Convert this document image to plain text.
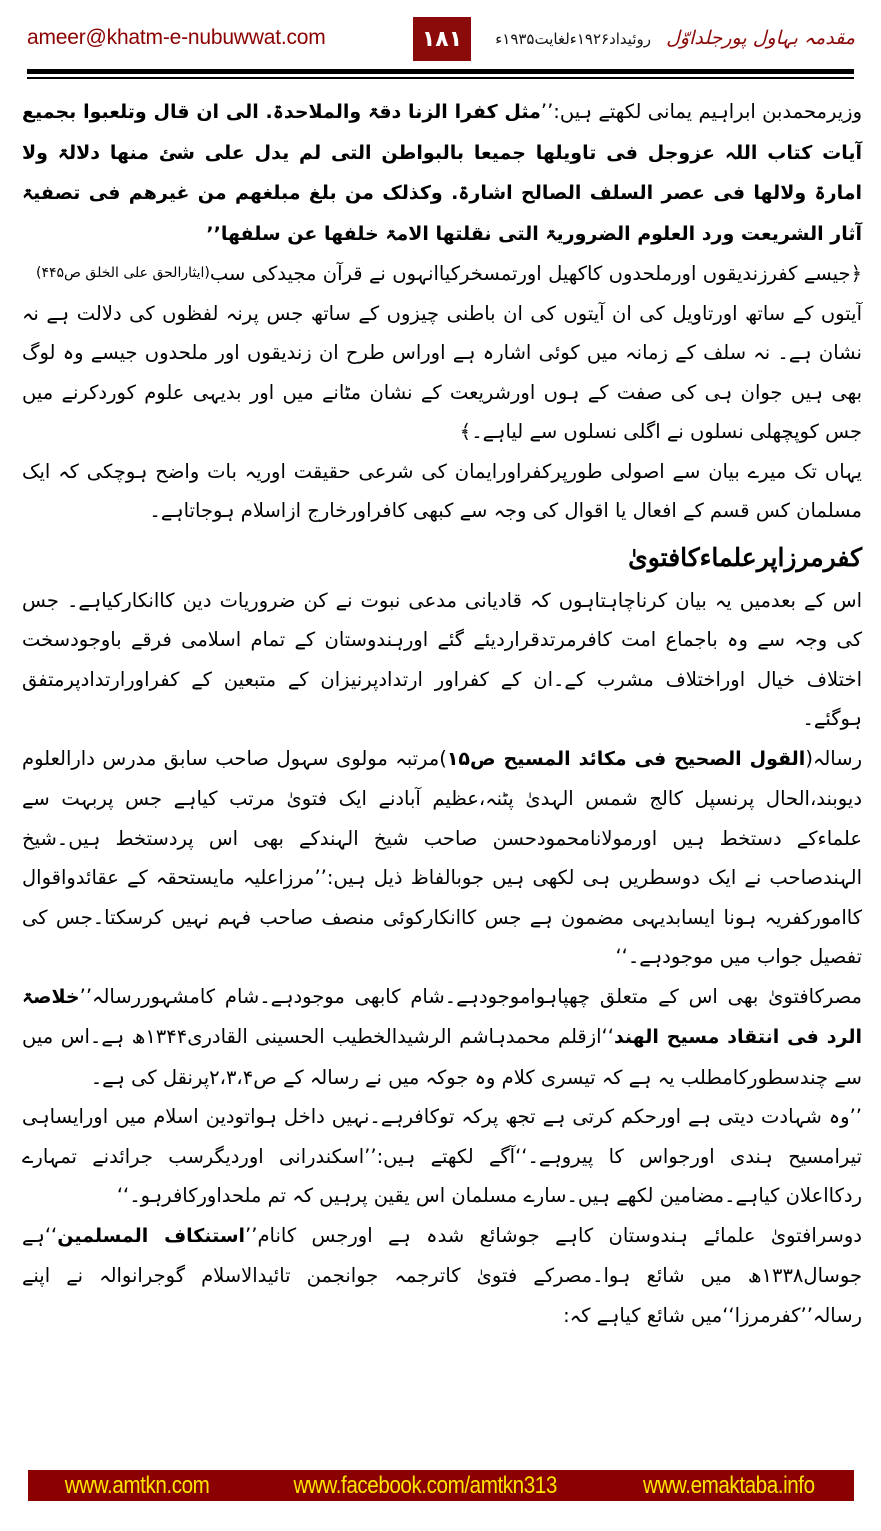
ameer@khatm-e-nubuwwat.com	۱۸۱	روئیداد۱۹۲۶ءلغایت۱۹۳۵ء مقدمہ بہاول پورجلداوّل

وزیرمحمدبن ابراہیم یمانی لکھتے ہیں:’’مثل کفرا الزنا دقۃ والملاحدۃ. الی ان قال وتلعبوا بجمیع آیات کتاب اللہ عزوجل فی تاویلھا جمیعا بالبواطن التی لم یدل علی شئ منھا دلالۃ ولا امارۃ ولالھا فی عصر السلف الصالح اشارۃ. وکذلک من بلغ مبلغھم من غیرھم فی تصفیۃ آثار الشریعت ورد العلوم الضروریۃ التی نقلتھا الامۃ خلفھا عن سلفھا’’
(ایثارالحق علی الخلق ص۴۴۵) ﴿جیسے کفرزندیقوں اورملحدوں کاکھیل اورتمسخرکیاانہوں نے قرآن مجیدکی سب آیتوں کے ساتھ اورتاویل کی ان آیتوں کی ان باطنی چیزوں کے ساتھ جس پرنہ لفظوں کی دلالت ہے نہ نشان ہے۔ نہ سلف کے زمانہ میں کوئی اشارہ ہے اوراس طرح ان زندیقوں اور ملحدوں جیسے وہ لوگ بھی ہیں جوان ہی کی صفت کے ہوں اورشریعت کے نشان مٹانے میں اور بدیہی علوم کوردکرنے میں جس کوپچھلی نسلوں نے اگلی نسلوں سے لیاہے۔﴾

یہاں تک میرے بیان سے اصولی طورپرکفراورایمان کی شرعی حقیقت اوریہ بات واضح ہوچکی کہ ایک مسلمان کس قسم کے افعال یا اقوال کی وجہ سے کبھی کافراورخارج ازاسلام ہوجاتاہے۔

کفرمرزاپرعلماءکافتویٰ

اس کے بعدمیں یہ بیان کرناچاہتاہوں کہ قادیانی مدعی نبوت نے کن ضروریات دین کاانکارکیاہے۔ جس کی وجہ سے وہ باجماع امت کافرمرتدقراردیئے گئے اورہندوستان کے تمام اسلامی فرقے باوجودسخت اختلاف خیال اوراختلاف مشرب کے۔ان کے کفراور ارتدادپرنیزان کے متبعین کے کفراورارتدادپرمتفق ہوگئے۔

رسالہ(القول الصحیح فی مکائد المسیح ص۱۵)مرتبہ مولوی سہول صاحب سابق مدرس دارالعلوم دیوبند،الحال پرنسپل کالج شمس الہدیٰ پٹنہ،عظیم آبادنے ایک فتویٰ مرتب کیاہے جس پربہت سے علماءکے دستخط ہیں اورمولانامحمودحسن صاحب شیخ الہندکے بھی اس پردستخط ہیں۔شیخ الہندصاحب نے ایک دوسطریں ہی لکھی ہیں جوبالفاظ ذیل ہیں:’’مرزاعلیہ مایستحقہ کے عقائدواقوال کاامورکفریہ ہونا ایسابدیہی مضمون ہے جس کاانکارکوئی منصف صاحب فہم نہیں کرسکتا۔جس کی تفصیل جواب میں موجودہے۔‘‘

مصرکافتویٰ بھی اس کے متعلق چھپاہواموجودہے۔شام کابھی موجودہے۔شام کامشہوررسالہ’’خلاصۃ الرد فی انتقاد مسیح الھند‘‘ازقلم محمدہاشم الرشیدالخطیب الحسینی القادری۱۳۴۴ھ ہے۔اس میں سے چندسطورکامطلب یہ ہے کہ تیسری کلام وہ جوکہ میں نے رسالہ کے ص۲،۳،۴پرنقل کی ہے۔

’’وہ شہادت دیتی ہے اورحکم کرتی ہے تجھ پرکہ توکافرہے۔نہیں داخل ہواتودین اسلام میں اورایساہی تیرامسیح ہندی اورجواس کا پیروہے۔‘‘آگے لکھتے ہیں:’’اسکندرانی اوردیگرسب جرائدنے تمہارے ردکااعلان کیاہے۔مضامین لکھے ہیں۔سارے مسلمان اس یقین پرہیں کہ تم ملحداورکافرہو۔‘‘

دوسرافتویٰ علمائے ہندوستان کاہے جوشائع شدہ ہے اورجس کانام’’استنکاف المسلمین‘‘ہے جوسال۱۳۳۸ھ میں شائع ہوا۔مصرکے فتویٰ کاترجمہ جوانجمن تائیدالاسلام گوجرانوالہ نے اپنے رسالہ’’کفرمرزا‘‘میں شائع کیاہے کہ:

www.amtkn.com	www.facebook.com/amtkn313	www.emaktaba.info
